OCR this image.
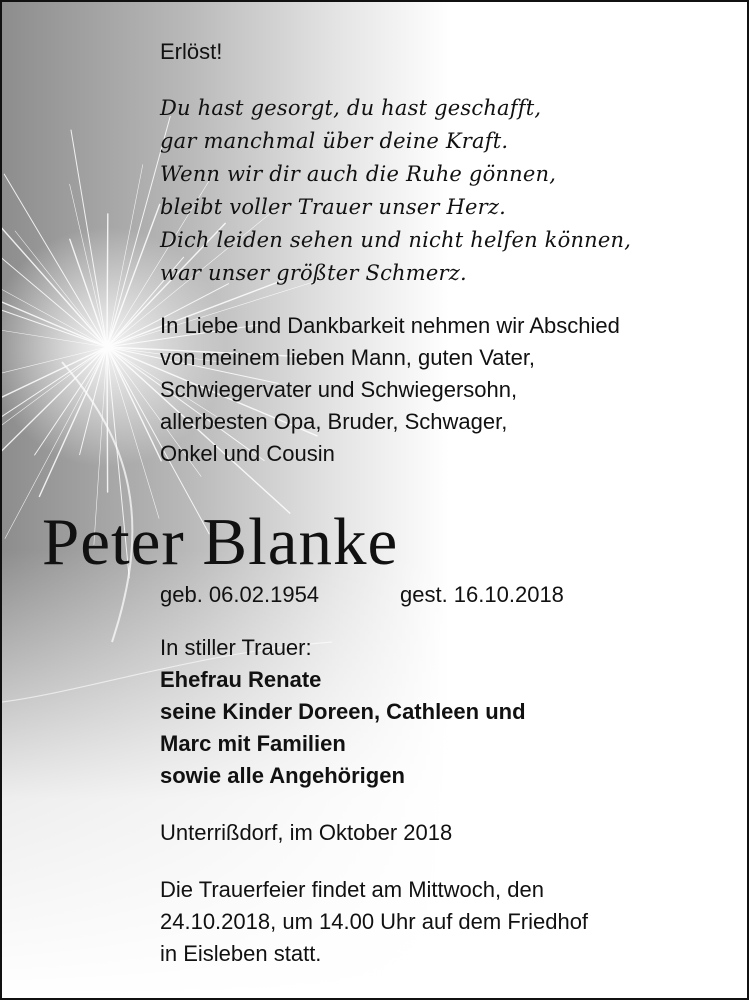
Erlöst!
Du hast gesorgt, du hast geschafft,
gar manchmal über deine Kraft.
Wenn wir dir auch die Ruhe gönnen,
bleibt voller Trauer unser Herz.
Dich leiden sehen und nicht helfen können,
war unser größter Schmerz.
In Liebe und Dankbarkeit nehmen wir Abschied
von meinem lieben Mann, guten Vater,
Schwiegervater und Schwiegersohn,
allerbesten Opa, Bruder, Schwager,
Onkel und Cousin
Peter Blanke
geb. 06.02.1954	gest. 16.10.2018
In stiller Trauer:
Ehefrau Renate
seine Kinder Doreen, Cathleen und
Marc mit Familien
sowie alle Angehörigen
Unterrißdorf, im Oktober 2018
Die Trauerfeier findet am Mittwoch, den
24.10.2018, um 14.00 Uhr auf dem Friedhof
in Eisleben statt.
